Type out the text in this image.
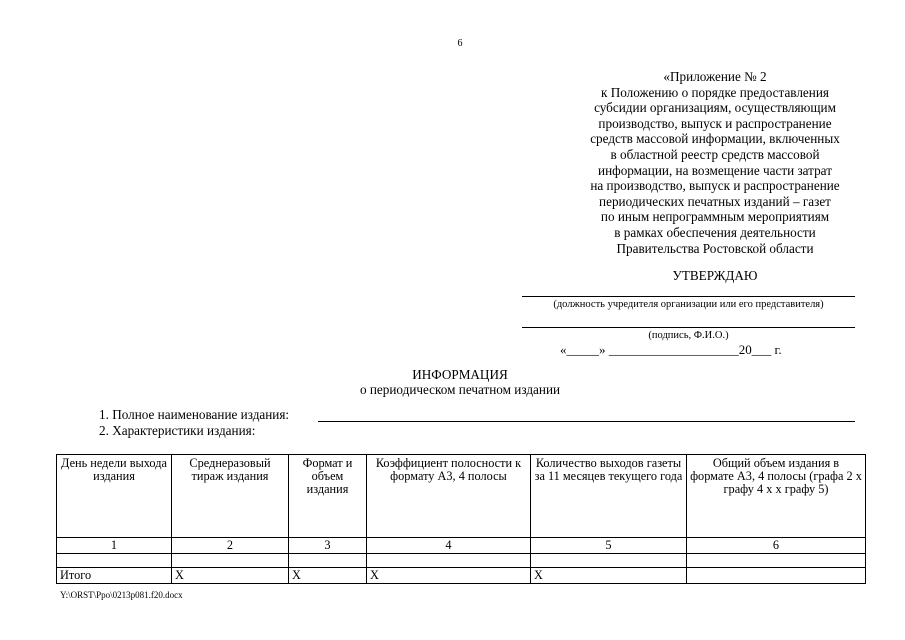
6
«Приложение № 2
к Положению о порядке предоставления
субсидии организациям, осуществляющим
производство, выпуск и распространение
средств массовой информации, включенных
в областной реестр средств массовой
информации, на возмещение части затрат
на производство, выпуск и распространение
периодических печатных изданий – газет
по иным непрограммным мероприятиям
в рамках обеспечения деятельности
Правительства Ростовской области
УТВЕРЖДАЮ
(должность учредителя организации или его представителя)
(подпись, Ф.И.О.)
«_____» ____________________20___ г.
ИНФОРМАЦИЯ
о периодическом печатном издании
1. Полное наименование издания:
2. Характеристики издания:
День недели выхода издания	Среднеразовый тираж издания	Формат и объем издания	Коэффициент полосности к формату А3, 4 полосы	Количество выходов газеты за 11 месяцев текущего года	Общий объем издания в формате А3, 4 полосы (графа 2 х графу 4 х х графу 5)
1	2	3	4	5	6

Итого	Х	Х	Х	Х	
Y:\ORST\Ppo\0213p081.f20.docx
